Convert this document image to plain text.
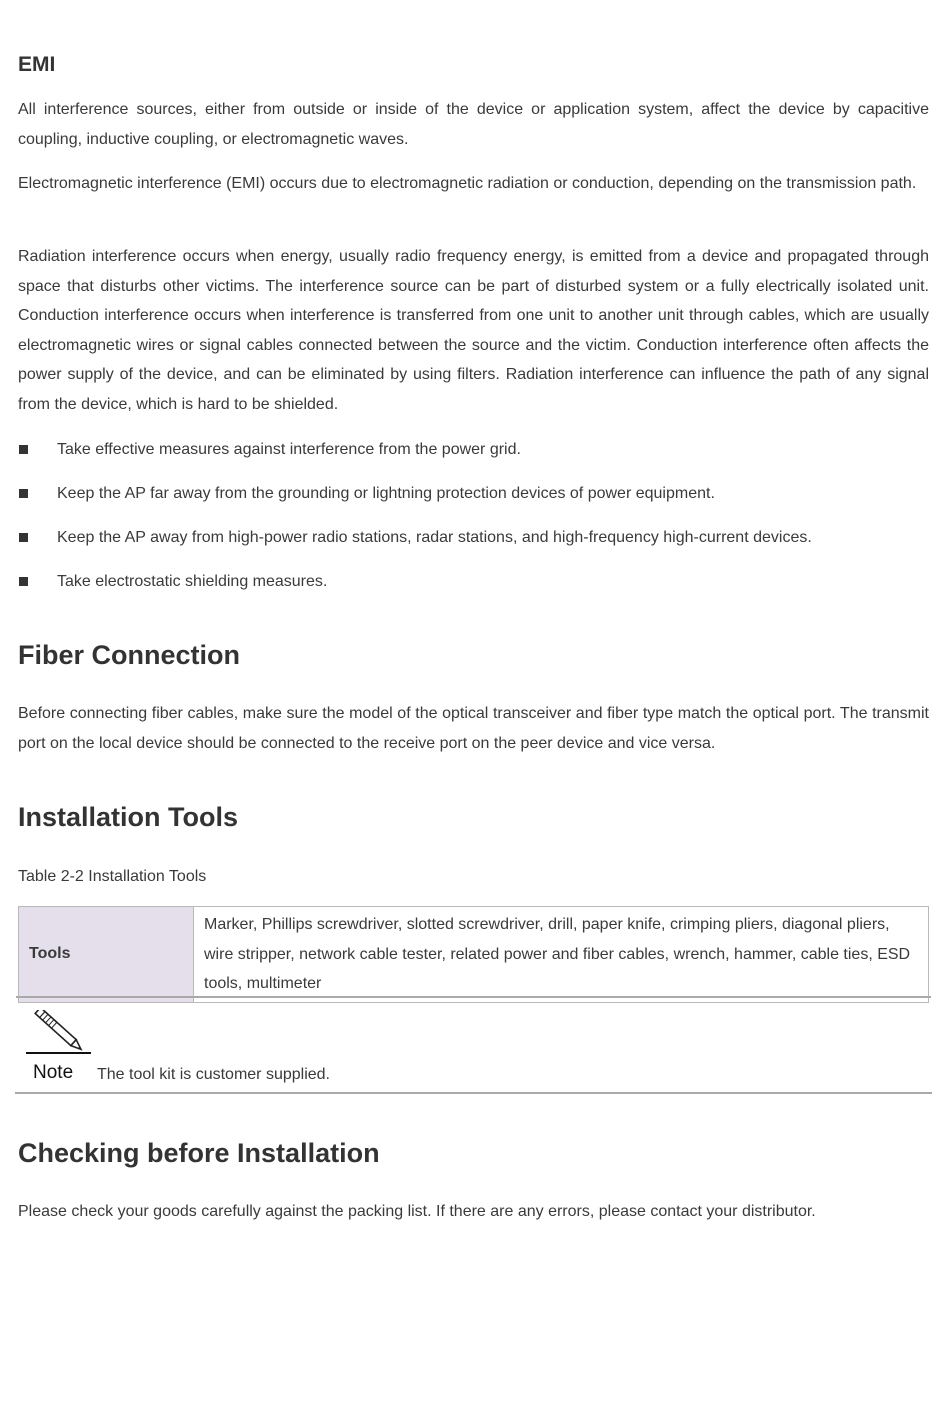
EMI

All interference sources, either from outside or inside of the device or application system, affect the device by capacitive coupling, inductive coupling, or electromagnetic waves.

Electromagnetic interference (EMI) occurs due to electromagnetic radiation or conduction, depending on the transmission path.

Radiation interference occurs when energy, usually radio frequency energy, is emitted from a device and propagated through space that disturbs other victims. The interference source can be part of disturbed system or a fully electrically isolated unit. Conduction interference occurs when interference is transferred from one unit to another unit through cables, which are usually electromagnetic wires or signal cables connected between the source and the victim. Conduction interference often affects the power supply of the device, and can be eliminated by using filters. Radiation interference can influence the path of any signal from the device, which is hard to be shielded.

Take effective measures against interference from the power grid.
Keep the AP far away from the grounding or lightning protection devices of power equipment.
Keep the AP away from high-power radio stations, radar stations, and high-frequency high-current devices.
Take electrostatic shielding measures.
Fiber Connection

Before connecting fiber cables, make sure the model of the optical transceiver and fiber type match the optical port. The transmit port on the local device should be connected to the receive port on the peer device and vice versa.

Installation Tools
Table 2-2 Installation Tools
Tools	Marker, Phillips screwdriver, slotted screwdriver, drill, paper knife, crimping pliers, diagonal pliers, wire stripper, network cable tester, related power and fiber cables, wrench, hammer, cable ties, ESD tools, multimeter
Note The tool kit is customer supplied.
Checking before Installation

Please check your goods carefully against the packing list. If there are any errors, please contact your distributor.
